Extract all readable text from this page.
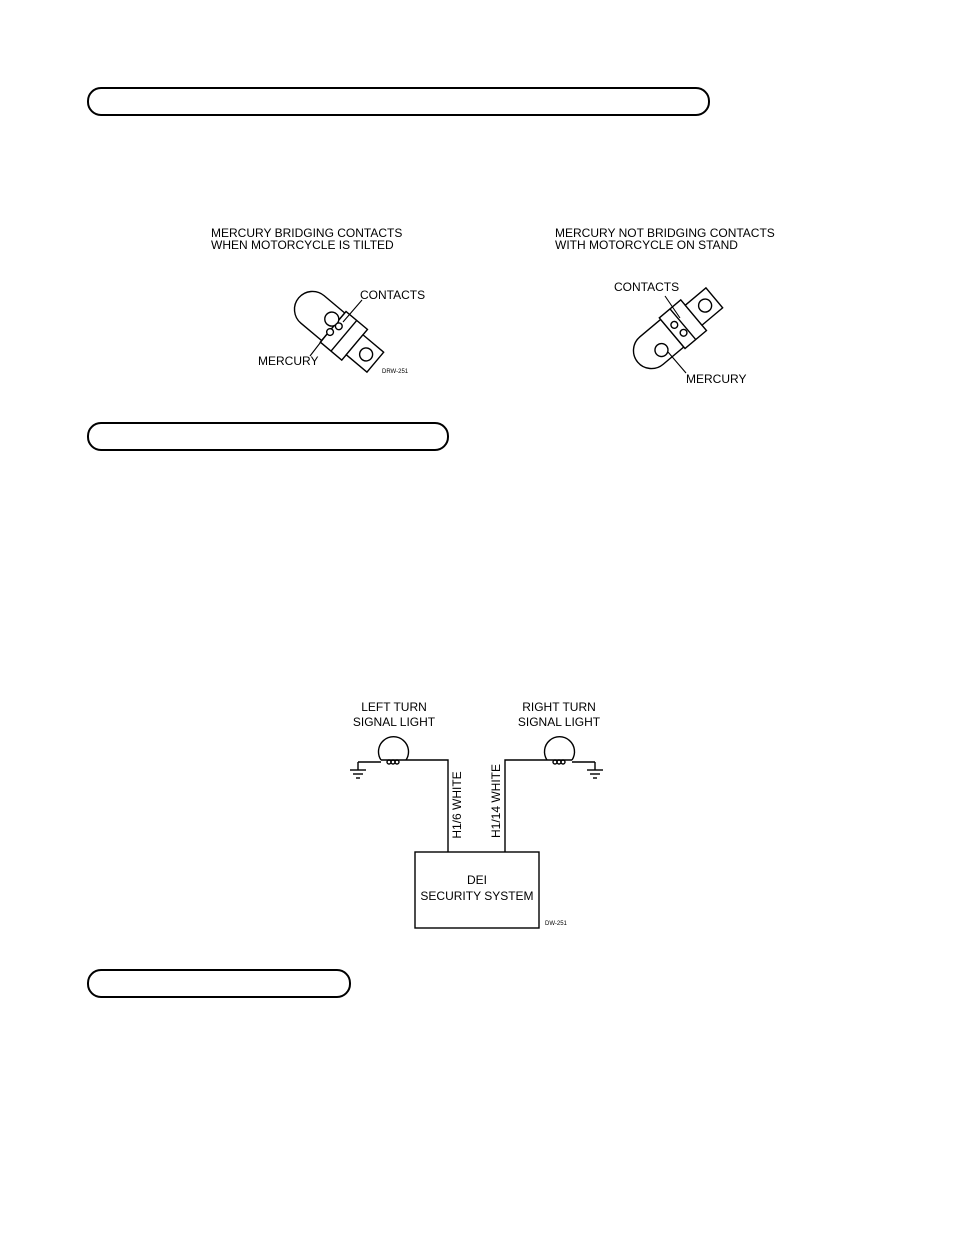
MERCURY BRIDGING CONTACTS
WHEN MOTORCYCLE IS TILTED
CONTACTS
MERCURY
DRW-251
MERCURY NOT BRIDGING CONTACTS
WITH MOTORCYCLE ON STAND
CONTACTS
MERCURY
LEFT TURN
SIGNAL LIGHT
RIGHT TURN
SIGNAL LIGHT
H1/6 WHITE H1/14 WHITE
DEI
SECURITY SYSTEM
DW-251
